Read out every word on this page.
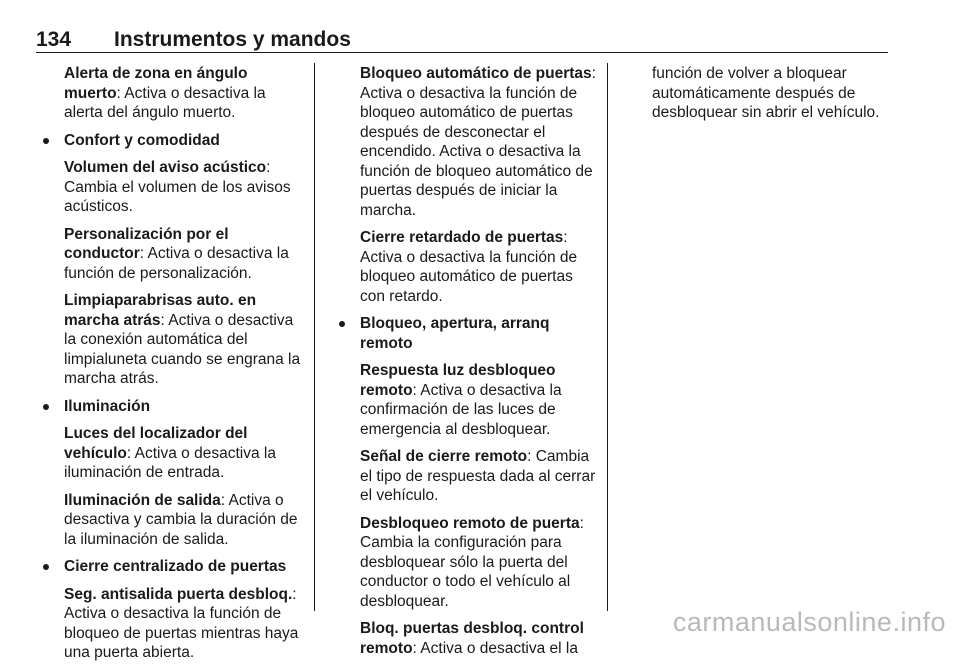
134 Instrumentos y mandos
Alerta de zona en ángulo muerto: Activa o desactiva la alerta del ángulo muerto.
Confort y comodidad
Volumen del aviso acústico: Cambia el volumen de los avisos acústicos.
Personalización por el conductor: Activa o desactiva la función de personalización.
Limpiaparabrisas auto. en marcha atrás: Activa o desactiva la conexión automática del limpialuneta cuando se engrana la marcha atrás.
Iluminación
Luces del localizador del vehículo: Activa o desactiva la iluminación de entrada.
Iluminación de salida: Activa o desactiva y cambia la duración de la iluminación de salida.
Cierre centralizado de puertas
Seg. antisalida puerta desbloq.: Activa o desactiva la función de bloqueo de puertas mientras haya una puerta abierta.
Bloqueo automático de puertas: Activa o desactiva la función de bloqueo automático de puertas después de desconectar el encendido. Activa o desactiva la función de bloqueo automático de puertas después de iniciar la marcha.
Cierre retardado de puertas: Activa o desactiva la función de bloqueo automático de puertas con retardo.
Bloqueo, apertura, arranq remoto
Respuesta luz desbloqueo remoto: Activa o desactiva la confirmación de las luces de emergencia al desbloquear.
Señal de cierre remoto: Cambia el tipo de respuesta dada al cerrar el vehículo.
Desbloqueo remoto de puerta: Cambia la configuración para desbloquear sólo la puerta del conductor o todo el vehículo al desbloquear.
Bloq. puertas desbloq. control remoto: Activa o desactiva el la
función de volver a bloquear automáticamente después de desbloquear sin abrir el vehículo.
carmanualsonline.info
